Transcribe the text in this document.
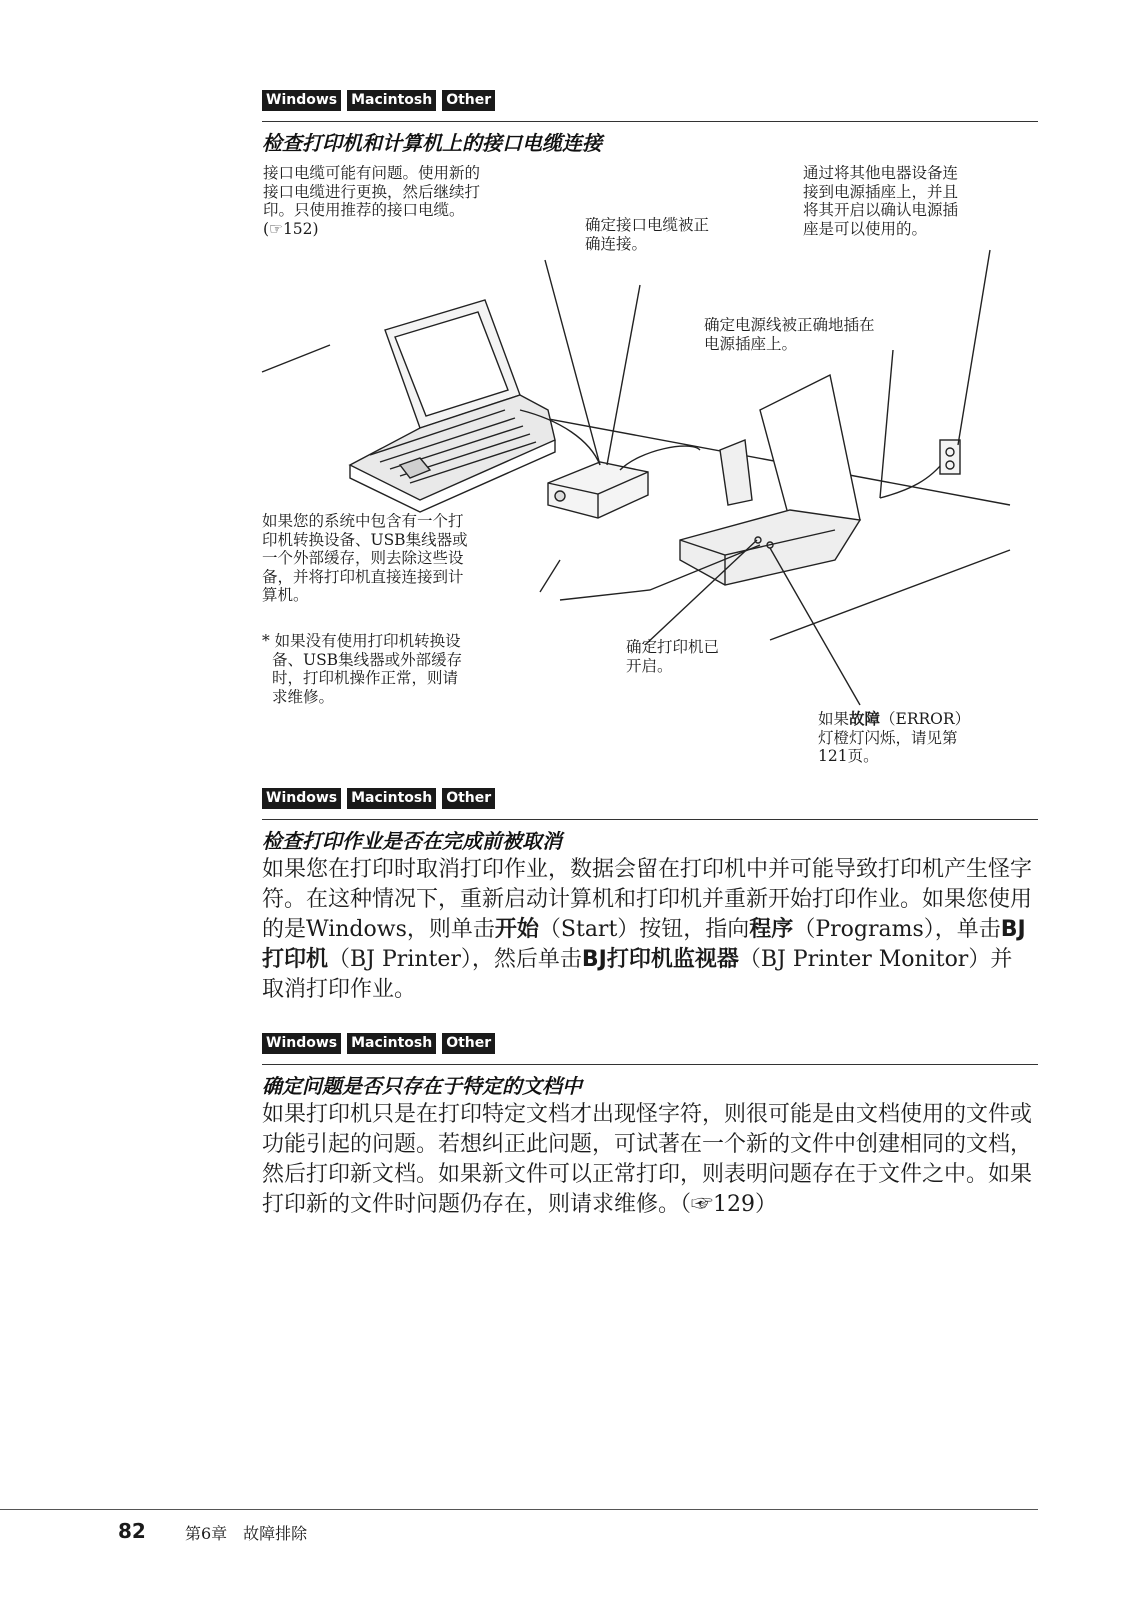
Windows Macintosh Other
检查打印机和计算机上的接口电缆连接
接口电缆可能有问题。使用新的
接口电缆进行更换，然后继续打
印。只使用推荐的接口电缆。
(☞152)	确定接口电缆被正
确连接。
通过将其他电器设备连
接到电源插座上，并且
将其开启以确认电源插
座是可以使用的。
确定电源线被正确地插在
电源插座上。
如果您的系统中包含有一个打
印机转换设备、USB集线器或
一个外部缓存，则去除这些设
备，并将打印机直接连接到计
算机。
* 如果没有使用打印机转换设
备、USB集线器或外部缓存
时，打印机操作正常，则请
求维修。
确定打印机已
开启。
如果故障（ERROR）
灯橙灯闪烁，请见第
121页。
Windows Macintosh Other
检查打印作业是否在完成前被取消
如果您在打印时取消打印作业，数据会留在打印机中并可能导致打印机产生怪字符。在这种情况下，重新启动计算机和打印机并重新开始打印作业。如果您使用的是Windows，则单击开始（Start）按钮，指向程序（Programs），单击BJ打印机（BJ Printer），然后单击BJ打印机监视器（BJ Printer Monitor）并取消打印作业。
Windows Macintosh Other
确定问题是否只存在于特定的文档中
如果打印机只是在打印特定文档才出现怪字符，则很可能是由文档使用的文件或功能引起的问题。若想纠正此问题，可试著在一个新的文件中创建相同的文档，然后打印新文档。如果新文件可以正常打印，则表明问题存在于文件之中。如果打印新的文件时问题仍存在，则请求维修。（☞129）
82 第6章　故障排除
